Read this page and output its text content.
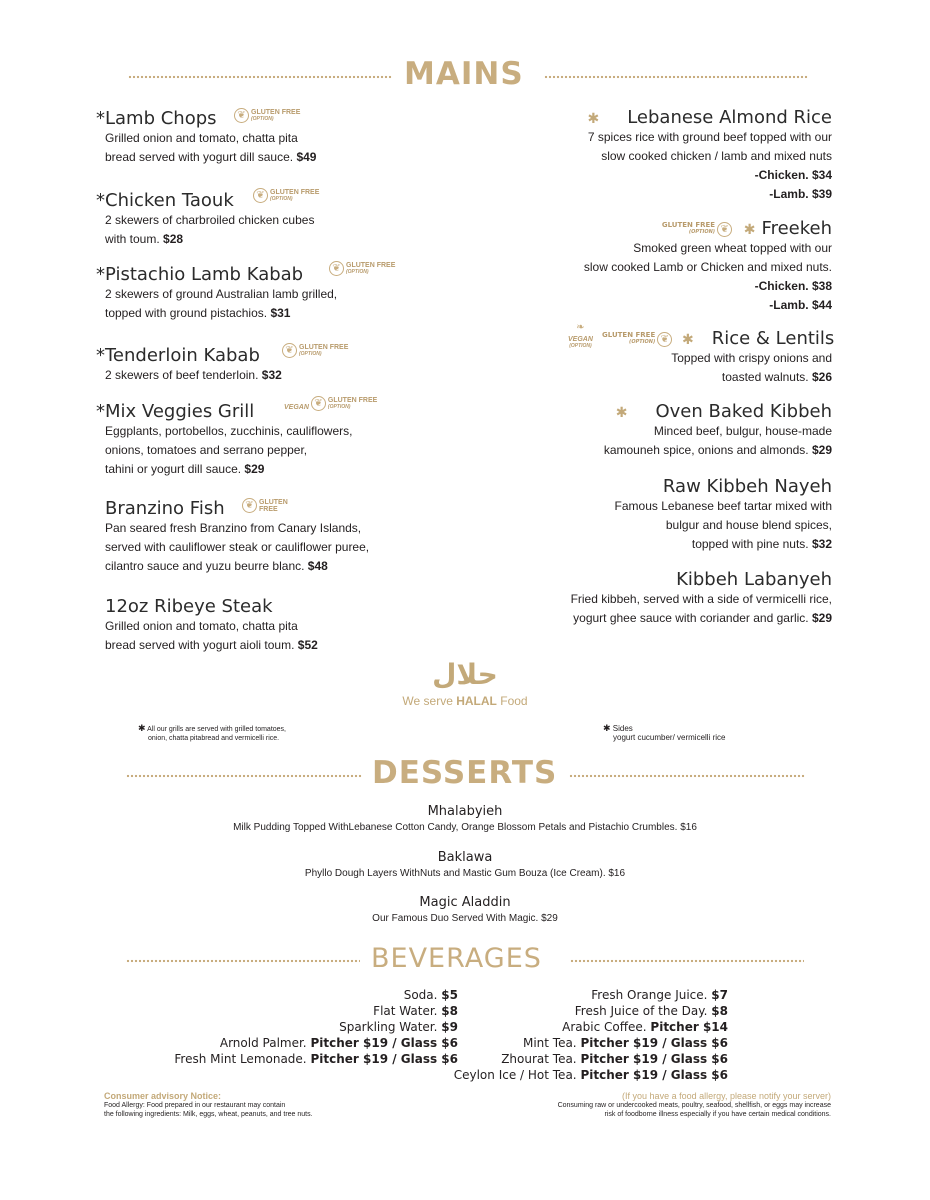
MAINS
*Lamb Chops
Grilled onion and tomato, chatta pita
bread served with yogurt dill sauce. $49
❦ GLUTEN FREE
(OPTION)
*Chicken Taouk
2 skewers of charbroiled chicken cubes
with toum. $28
❦ GLUTEN FREE
(OPTION)
*Pistachio Lamb Kabab
2 skewers of ground Australian lamb grilled,
topped with ground pistachios. $31
❦ GLUTEN FREE
(OPTION)
*Tenderloin Kabab
2 skewers of beef tenderloin. $32
❦ GLUTEN FREE
(OPTION)
*Mix Veggies Grill
Eggplants, portobellos, zucchinis, cauliflowers,
onions, tomatoes and serrano pepper,
tahini or yogurt dill sauce. $29
VEGAN ❦ GLUTEN FREE
(OPTION)
Branzino Fish
Pan seared fresh Branzino from Canary Islands,
served with cauliflower steak or cauliflower puree,
cilantro sauce and yuzu beurre blanc. $48
❦ GLUTEN
FREE
12oz Ribeye Steak
Grilled onion and tomato, chatta pita
bread served with yogurt aioli toum. $52
✱ Lebanese Almond Rice
7 spices rice with ground beef topped with our
slow cooked chicken / lamb and mixed nuts
-Chicken. $34
-Lamb. $39
GLUTEN FREE
(OPTION) ❦ ✱ Freekeh
Smoked green wheat topped with our
slow cooked Lamb or Chicken and mixed nuts.
-Chicken. $38
-Lamb. $44
❧
VEGAN
(OPTION)
GLUTEN FREE
(OPTION) ❦ ✱ Rice & Lentils
Topped with crispy onions and
toasted walnuts. $26
✱ Oven Baked Kibbeh
Minced beef, bulgur, house-made
kamouneh spice, onions and almonds. $29
Raw Kibbeh Nayeh
Famous Lebanese beef tartar mixed with
bulgur and house blend spices,
topped with pine nuts. $32
Kibbeh Labanyeh
Fried kibbeh, served with a side of vermicelli rice,
yogurt ghee sauce with coriander and garlic. $29
حلال
We serve HALAL Food
✱ All our grills are served with grilled tomatoes,
onion, chatta pitabread and vermicelli rice.
✱ Sides
yogurt cucumber/ vermicelli rice
DESSERTS
Mhalabyieh
Milk Pudding Topped WithLebanese Cotton Candy, Orange Blossom Petals and Pistachio Crumbles. $16
Baklawa
Phyllo Dough Layers WithNuts and Mastic Gum Bouza (Ice Cream). $16
Magic Aladdin
Our Famous Duo Served With Magic. $29
BEVERAGES
Soda. $5
Flat Water. $8
Sparkling Water. $9
Arnold Palmer. Pitcher $19 / Glass $6
Fresh Mint Lemonade. Pitcher $19 / Glass $6
Fresh Orange Juice. $7
Fresh Juice of the Day. $8
Arabic Coffee. Pitcher $14
Mint Tea. Pitcher $19 / Glass $6
Zhourat Tea. Pitcher $19 / Glass $6
Ceylon Ice / Hot Tea. Pitcher $19 / Glass $6
Consumer advisory Notice:
Food Allergy: Food prepared in our restaurant may contain
the following ingredients: Milk, eggs, wheat, peanuts, and tree nuts.
(If you have a food allergy, please notify your server)
Consuming raw or undercooked meats, poultry, seafood, shellfish, or eggs may increase
risk of foodborne illness especially if you have certain medical conditions.
